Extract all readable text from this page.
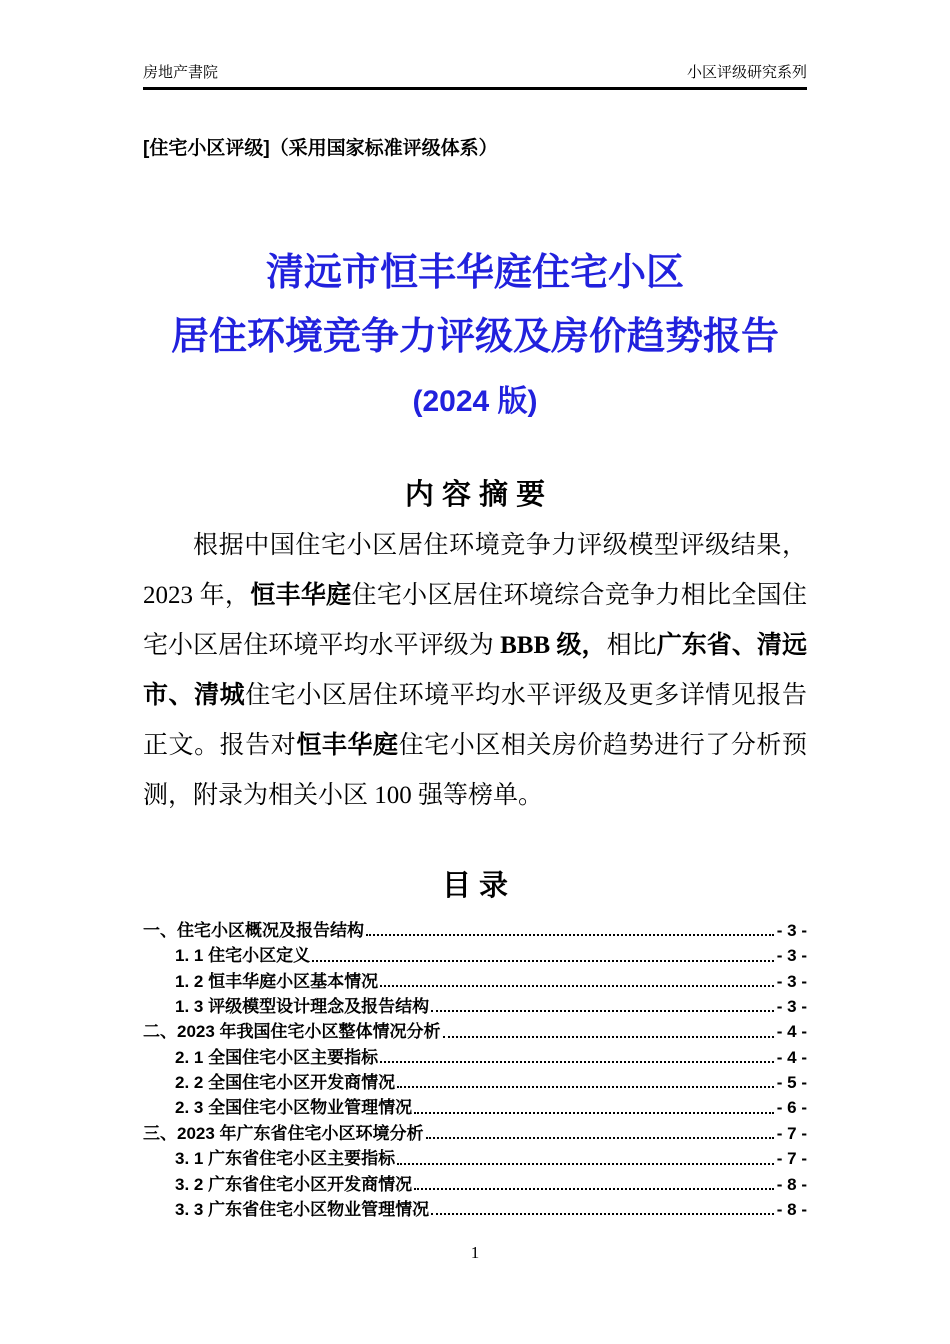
房地产書院	小区评级研究系列
[住宅小区评级]（采用国家标准评级体系）
清远市恒丰华庭住宅小区
居住环境竞争力评级及房价趋势报告
(2024 版)
内 容 摘 要

根据中国住宅小区居住环境竞争力评级模型评级结果，2023 年，恒丰华庭住宅小区居住环境综合竞争力相比全国住宅小区居住环境平均水平评级为 BBB 级，相比广东省、清远市、清城住宅小区居住环境平均水平评级及更多详情见报告正文。报告对恒丰华庭住宅小区相关房价趋势进行了分析预测，附录为相关小区 100 强等榜单。

目 录
一、住宅小区概况及报告结构	- 3 -
1. 1 住宅小区定义	- 3 -
1. 2 恒丰华庭小区基本情况	- 3 -
1. 3 评级模型设计理念及报告结构	- 3 -
二、2023 年我国住宅小区整体情况分析	- 4 -
2. 1 全国住宅小区主要指标	- 4 -
2. 2 全国住宅小区开发商情况	- 5 -
2. 3 全国住宅小区物业管理情况	- 6 -
三、2023 年广东省住宅小区环境分析	- 7 -
3. 1 广东省住宅小区主要指标	- 7 -
3. 2 广东省住宅小区开发商情况	- 8 -
3. 3 广东省住宅小区物业管理情况	- 8 -
1
